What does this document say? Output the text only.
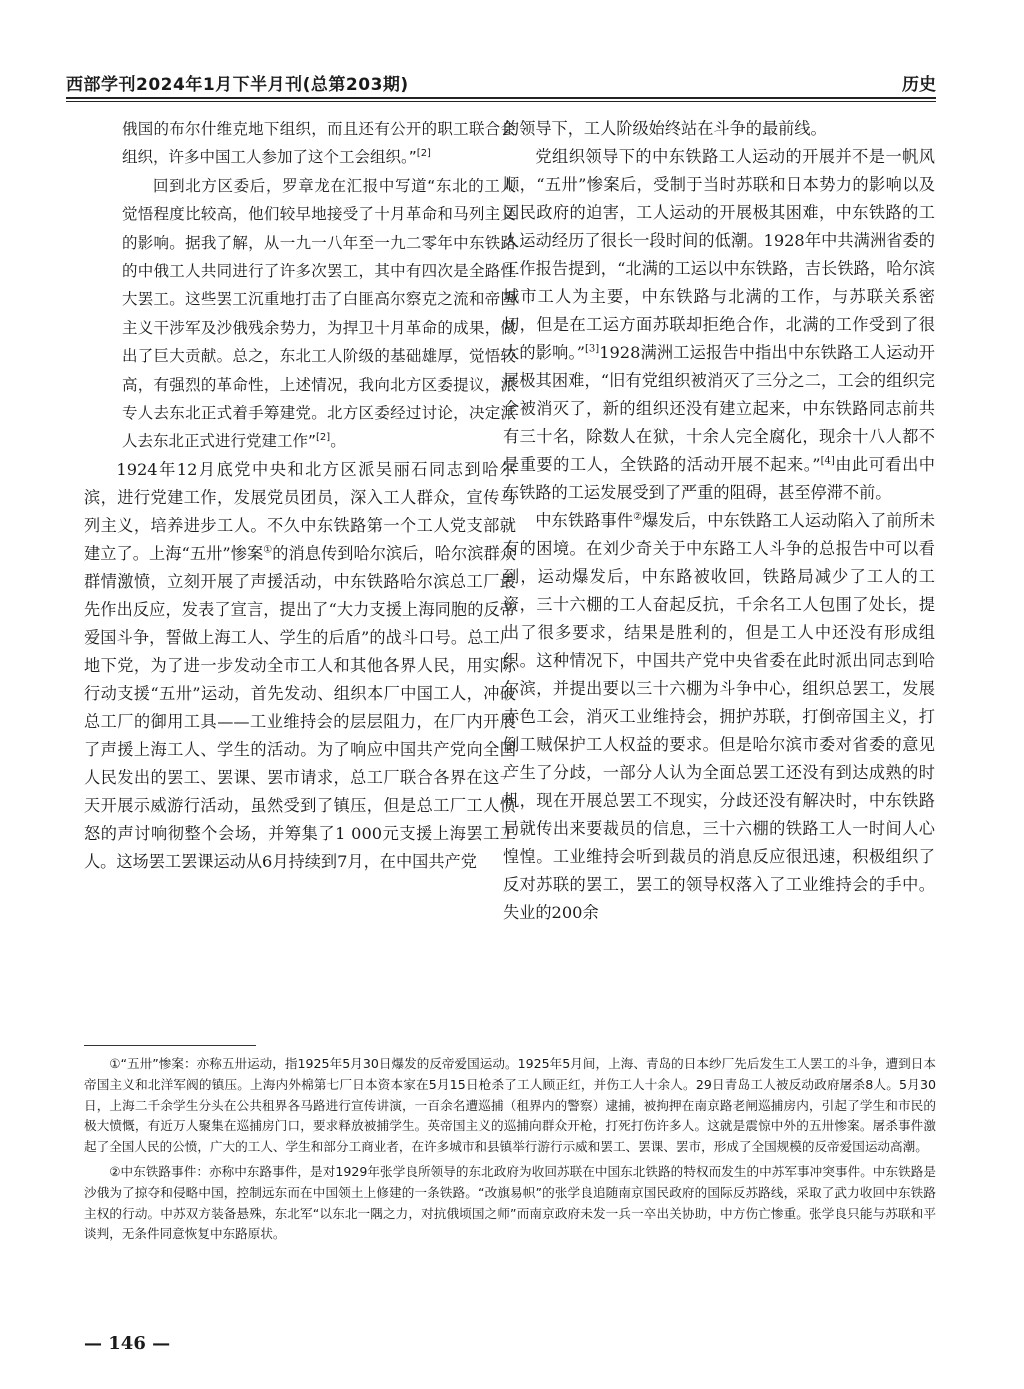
西部学刊2024年1月下半月刊(总第203期)	历史

俄国的布尔什维克地下组织，而且还有公开的职工联合会组织，许多中国工人参加了这个工会组织。”[2]

回到北方区委后，罗章龙在汇报中写道“东北的工人觉悟程度比较高，他们较早地接受了十月革命和马列主义的影响。据我了解，从一九一八年至一九二零年中东铁路的中俄工人共同进行了许多次罢工，其中有四次是全路性大罢工。这些罢工沉重地打击了白匪高尔察克之流和帝国主义干涉军及沙俄残余势力，为捍卫十月革命的成果，做出了巨大贡献。总之，东北工人阶级的基础雄厚，觉悟较高，有强烈的革命性，上述情况，我向北方区委提议，派专人去东北正式着手筹建党。北方区委经过讨论，决定派人去东北正式进行党建工作”[2]。

1924年12月底党中央和北方区派吴丽石同志到哈尔滨，进行党建工作，发展党员团员，深入工人群众，宣传马列主义，培养进步工人。不久中东铁路第一个工人党支部就建立了。上海“五卅”惨案①的消息传到哈尔滨后，哈尔滨群众群情激愤，立刻开展了声援活动，中东铁路哈尔滨总工厂最先作出反应，发表了宣言，提出了“大力支援上海同胞的反帝爱国斗争，誓做上海工人、学生的后盾”的战斗口号。总工厂地下党，为了进一步发动全市工人和其他各界人民，用实际行动支援“五卅”运动，首先发动、组织本厂中国工人，冲破总工厂的御用工具——工业维持会的层层阻力，在厂内开展了声援上海工人、学生的活动。为了响应中国共产党向全国人民发出的罢工、罢课、罢市请求，总工厂联合各界在这一天开展示威游行活动，虽然受到了镇压，但是总工厂工人愤怒的声讨响彻整个会场，并筹集了1 000元支援上海罢工工人。这场罢工罢课运动从6月持续到7月，在中国共产党

的领导下，工人阶级始终站在斗争的最前线。

党组织领导下的中东铁路工人运动的开展并不是一帆风顺，“五卅”惨案后，受制于当时苏联和日本势力的影响以及国民政府的迫害，工人运动的开展极其困难，中东铁路的工人运动经历了很长一段时间的低潮。1928年中共满洲省委的工作报告提到，“北满的工运以中东铁路，吉长铁路，哈尔滨城市工人为主要，中东铁路与北满的工作，与苏联关系密切，但是在工运方面苏联却拒绝合作，北满的工作受到了很大的影响。”[3]1928满洲工运报告中指出中东铁路工人运动开展极其困难，“旧有党组织被消灭了三分之二，工会的组织完全被消灭了，新的组织还没有建立起来，中东铁路同志前共有三十名，除数人在狱，十余人完全腐化，现余十八人都不是重要的工人，全铁路的活动开展不起来。”[4]由此可看出中东铁路的工运发展受到了严重的阻碍，甚至停滞不前。

中东铁路事件②爆发后，中东铁路工人运动陷入了前所未有的困境。在刘少奇关于中东路工人斗争的总报告中可以看到，运动爆发后，中东路被收回，铁路局减少了工人的工资，三十六棚的工人奋起反抗，千余名工人包围了处长，提出了很多要求，结果是胜利的，但是工人中还没有形成组织。这种情况下，中国共产党中央省委在此时派出同志到哈尔滨，并提出要以三十六棚为斗争中心，组织总罢工，发展赤色工会，消灭工业维持会，拥护苏联，打倒帝国主义，打倒工贼保护工人权益的要求。但是哈尔滨市委对省委的意见产生了分歧，一部分人认为全面总罢工还没有到达成熟的时机，现在开展总罢工不现实，分歧还没有解决时，中东铁路局就传出来要裁员的信息，三十六棚的铁路工人一时间人心惶惶。工业维持会听到裁员的消息反应很迅速，积极组织了反对苏联的罢工，罢工的领导权落入了工业维持会的手中。失业的200余

①“五卅”惨案：亦称五卅运动，指1925年5月30日爆发的反帝爱国运动。1925年5月间，上海、青岛的日本纱厂先后发生工人罢工的斗争，遭到日本帝国主义和北洋军阀的镇压。上海内外棉第七厂日本资本家在5月15日枪杀了工人顾正红，并伤工人十余人。29日青岛工人被反动政府屠杀8人。5月30日，上海二千余学生分头在公共租界各马路进行宣传讲演，一百余名遭巡捕（租界内的警察）逮捕，被拘押在南京路老闸巡捕房内，引起了学生和市民的极大愤慨，有近万人聚集在巡捕房门口，要求释放被捕学生。英帝国主义的巡捕向群众开枪，打死打伤许多人。这就是震惊中外的五卅惨案。屠杀事件激起了全国人民的公愤，广大的工人、学生和部分工商业者，在许多城市和县镇举行游行示威和罢工、罢课、罢市，形成了全国规模的反帝爱国运动高潮。

②中东铁路事件：亦称中东路事件，是对1929年张学良所领导的东北政府为收回苏联在中国东北铁路的特权而发生的中苏军事冲突事件。中东铁路是沙俄为了掠夺和侵略中国，控制远东而在中国领土上修建的一条铁路。“改旗易帜”的张学良追随南京国民政府的国际反苏路线，采取了武力收回中东铁路主权的行动。中苏双方装备悬殊，东北军“以东北一隅之力，对抗俄顷国之师”而南京政府未发一兵一卒出关协助，中方伤亡惨重。张学良只能与苏联和平谈判，无条件同意恢复中东路原状。

— 146 —
